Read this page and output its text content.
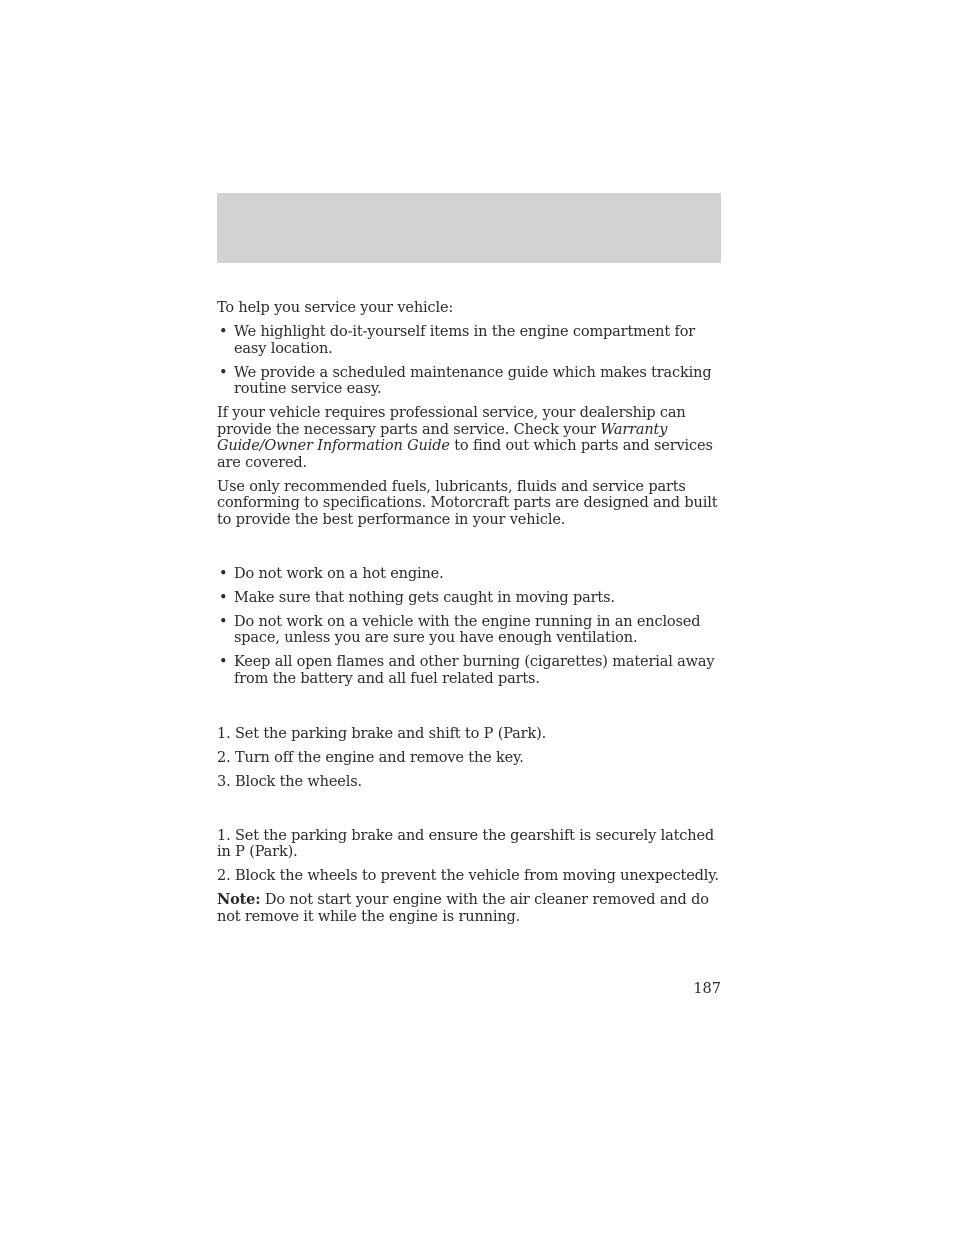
To help you service your vehicle:

• We highlight do-it-yourself items in the engine compartment for easy location.
• We provide a scheduled maintenance guide which makes tracking routine service easy.

If your vehicle requires professional service, your dealership can provide the necessary parts and service. Check your Warranty Guide/Owner Information Guide to find out which parts and services are covered.

Use only recommended fuels, lubricants, fluids and service parts conforming to specifications. Motorcraft parts are designed and built to provide the best performance in your vehicle.

• Do not work on a hot engine.
• Make sure that nothing gets caught in moving parts.
• Do not work on a vehicle with the engine running in an enclosed space, unless you are sure you have enough ventilation.
• Keep all open flames and other burning (cigarettes) material away from the battery and all fuel related parts.
1. Set the parking brake and shift to P (Park).
2. Turn off the engine and remove the key.
3. Block the wheels.
1. Set the parking brake and ensure the gearshift is securely latched in P (Park).
2. Block the wheels to prevent the vehicle from moving unexpectedly.

Note: Do not start your engine with the air cleaner removed and do not remove it while the engine is running.

187
